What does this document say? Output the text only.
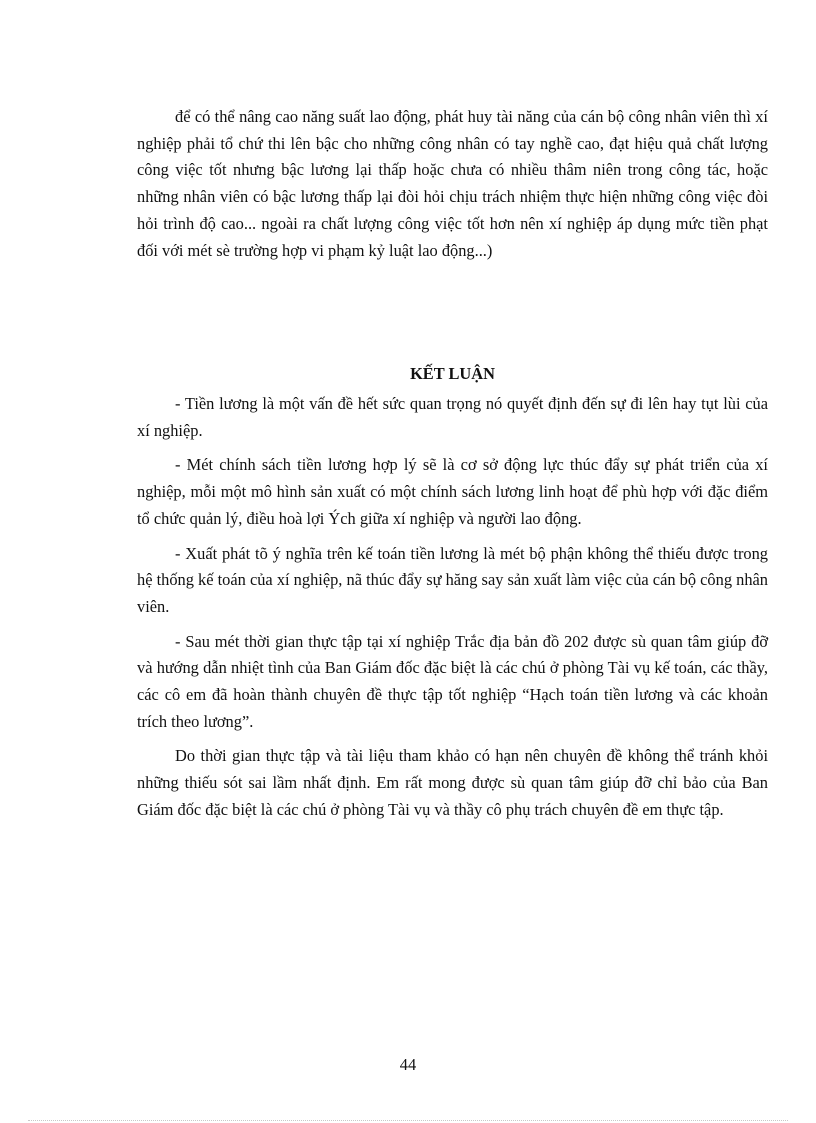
để có thể nâng cao năng suất lao động, phát huy tài năng của cán bộ công nhân viên thì xí nghiệp phải tổ chứ thi lên bậc cho những công nhân có tay nghề cao, đạt hiệu quả chất lượng công việc tốt nhưng bậc lương lại thấp hoặc chưa có nhiều thâm niên trong công tác, hoặc những nhân viên có bậc lương thấp lại đòi hỏi chịu trách nhiệm thực hiện những công việc đòi hỏi trình độ cao... ngoài ra chất lượng công việc tốt hơn nên xí nghiệp áp dụng mức tiền phạt đối với mét sè trường hợp vi phạm kỷ luật lao động...)

KẾT LUẬN

- Tiền lương là một vấn đề hết sức quan trọng nó quyết định đến sự đi lên hay tụt lùi của xí nghiệp.

- Mét chính sách tiền lương hợp lý sẽ là cơ sở động lực thúc đẩy sự phát triển của xí nghiệp, mỗi một mô hình sản xuất có một chính sách lương linh hoạt để phù hợp với đặc điểm tổ chức quản lý, điều hoà lợi Ých giữa xí nghiệp và người lao động.

- Xuất phát tõ ý nghĩa trên kế toán tiền lương là mét bộ phận không thể thiếu được trong hệ thống kế toán của xí nghiệp, nã thúc đẩy sự hăng say sản xuất làm việc của cán bộ công nhân viên.

- Sau mét thời gian thực tập tại xí nghiệp Trắc địa bản đồ 202 được sù quan tâm giúp đỡ và hướng dẫn nhiệt tình của Ban Giám đốc đặc biệt là các chú ở phòng Tài vụ kế toán, các thầy, các cô em đã hoàn thành chuyên đề thực tập tốt nghiệp “Hạch toán tiền lương và các khoản trích theo lương”.

Do thời gian thực tập và tài liệu tham khảo có hạn nên chuyên đề không thể tránh khỏi những thiếu sót sai lầm nhất định. Em rất mong được sù quan tâm giúp đỡ chỉ bảo của Ban Giám đốc đặc biệt là các chú ở phòng Tài vụ và thầy cô phụ trách chuyên đề em thực tập.

44
